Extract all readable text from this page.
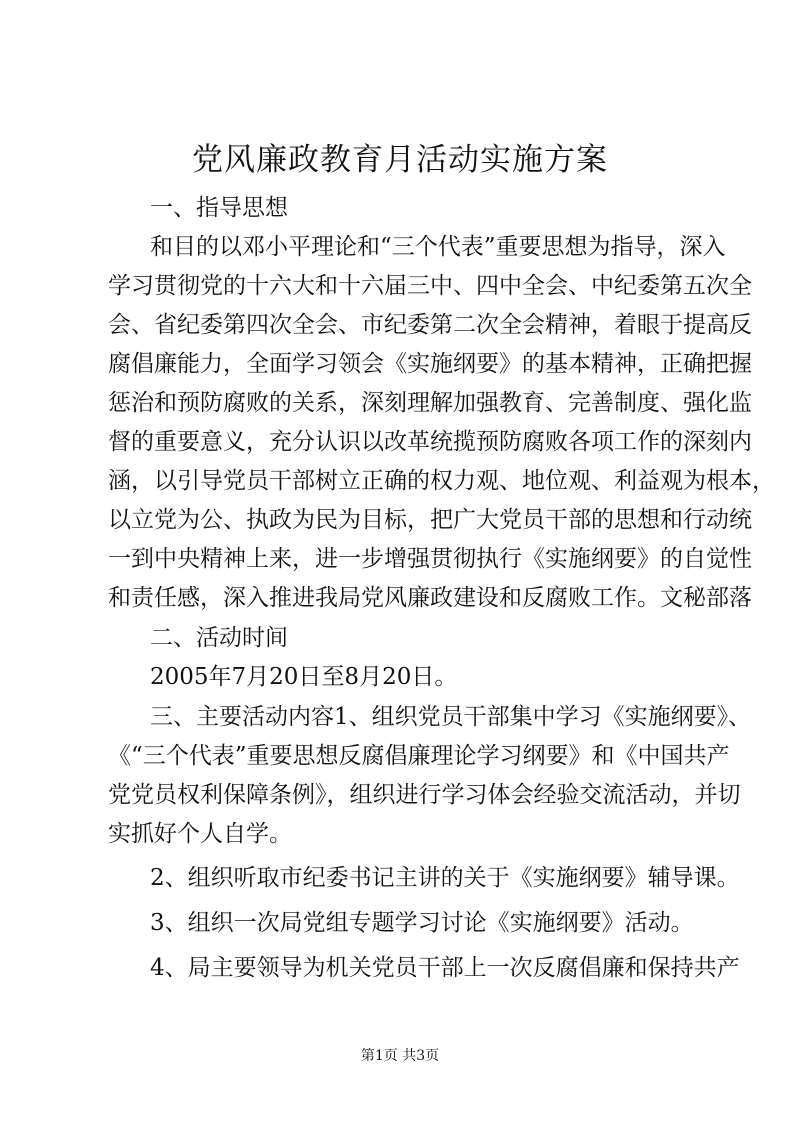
党风廉政教育月活动实施方案
一、指导思想
和目的以邓小平理论和“三个代表”重要思想为指导，深入
学习贯彻党的十六大和十六届三中、四中全会、中纪委第五次全
会、省纪委第四次全会、市纪委第二次全会精神，着眼于提高反
腐倡廉能力，全面学习领会《实施纲要》的基本精神，正确把握
惩治和预防腐败的关系，深刻理解加强教育、完善制度、强化监
督的重要意义，充分认识以改革统揽预防腐败各项工作的深刻内
涵，以引导党员干部树立正确的权力观、地位观、利益观为根本，
以立党为公、执政为民为目标，把广大党员干部的思想和行动统
一到中央精神上来，进一步增强贯彻执行《实施纲要》的自觉性
和责任感，深入推进我局党风廉政建设和反腐败工作。文秘部落
二、活动时间
2005年7月20日至8月20日。
三、主要活动内容1、组织党员干部集中学习《实施纲要》、
《“三个代表”重要思想反腐倡廉理论学习纲要》和《中国共产
党党员权利保障条例》，组织进行学习体会经验交流活动，并切
实抓好个人自学。
2、组织听取市纪委书记主讲的关于《实施纲要》辅导课。
3、组织一次局党组专题学习讨论《实施纲要》活动。
4、局主要领导为机关党员干部上一次反腐倡廉和保持共产
第1页 共3页
